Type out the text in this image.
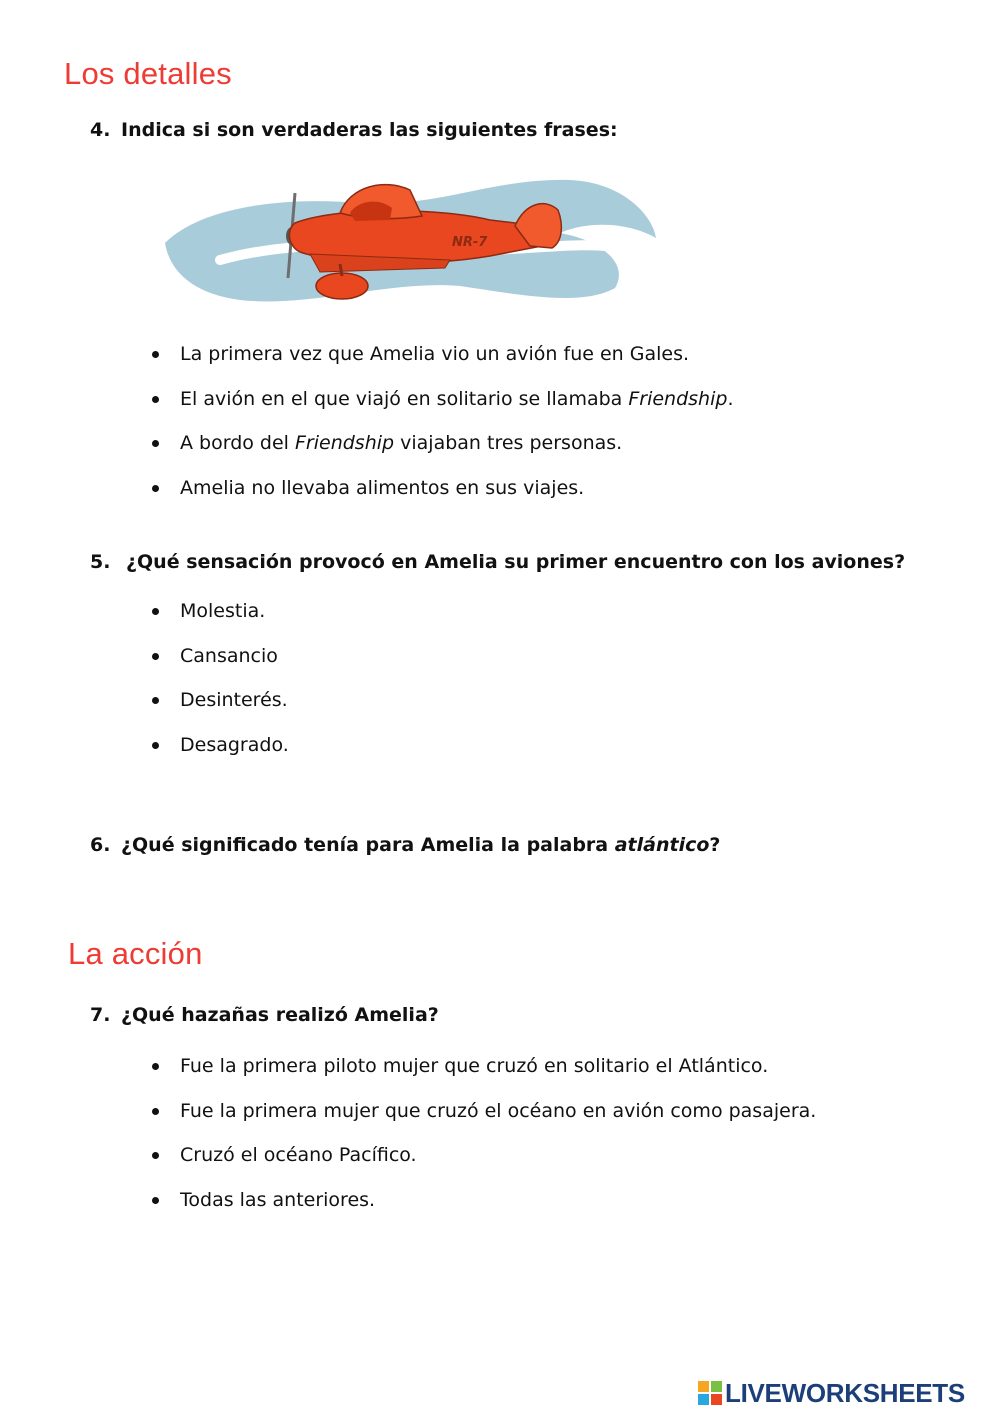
Los detalles

4. Indica si son verdaderas las siguientes frases:

NR-7
La primera vez que Amelia vio un avión fue en Gales.
El avión en el que viajó en solitario se llamaba Friendship.
A bordo del Friendship viajaban tres personas.
Amelia no llevaba alimentos en sus viajes.

5. ¿Qué sensación provocó en Amelia su primer encuentro con los aviones?

Molestia.
Cansancio
Desinterés.
Desagrado.

6. ¿Qué significado tenía para Amelia la palabra atlántico?

La acción

7. ¿Qué hazañas realizó Amelia?

Fue la primera piloto mujer que cruzó en solitario el Atlántico.
Fue la primera mujer que cruzó el océano en avión como pasajera.
Cruzó el océano Pacífico.
Todas las anteriores.
LIVEWORKSHEETS
